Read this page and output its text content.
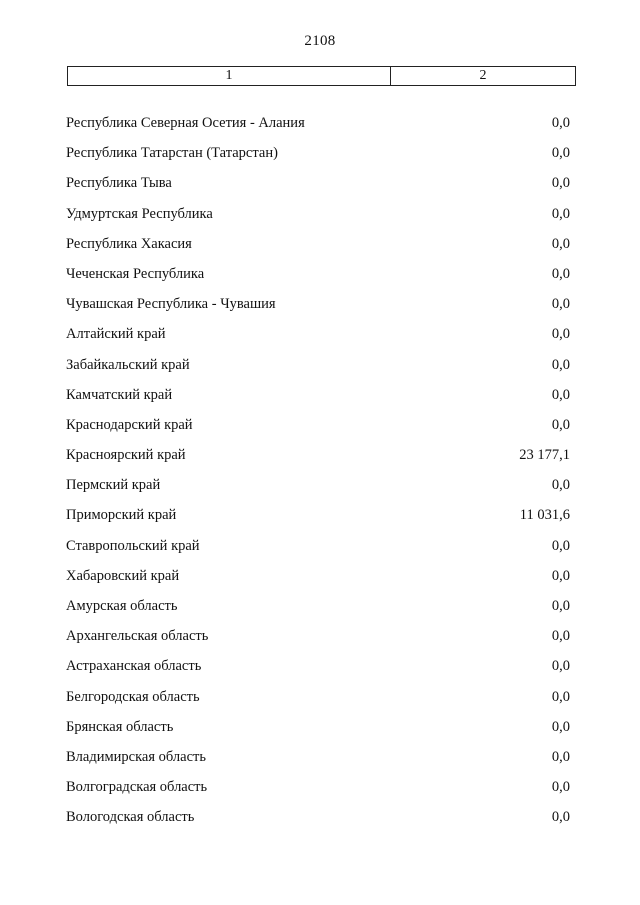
2108
1	2
Республика Северная Осетия - Алания	0,0
Республика Татарстан (Татарстан)	0,0
Республика Тыва	0,0
Удмуртская Республика	0,0
Республика Хакасия	0,0
Чеченская Республика	0,0
Чувашская Республика - Чувашия	0,0
Алтайский край	0,0
Забайкальский край	0,0
Камчатский край	0,0
Краснодарский край	0,0
Красноярский край	23 177,1
Пермский край	0,0
Приморский край	11 031,6
Ставропольский край	0,0
Хабаровский край	0,0
Амурская область	0,0
Архангельская область	0,0
Астраханская область	0,0
Белгородская область	0,0
Брянская область	0,0
Владимирская область	0,0
Волгоградская область	0,0
Вологодская область	0,0
